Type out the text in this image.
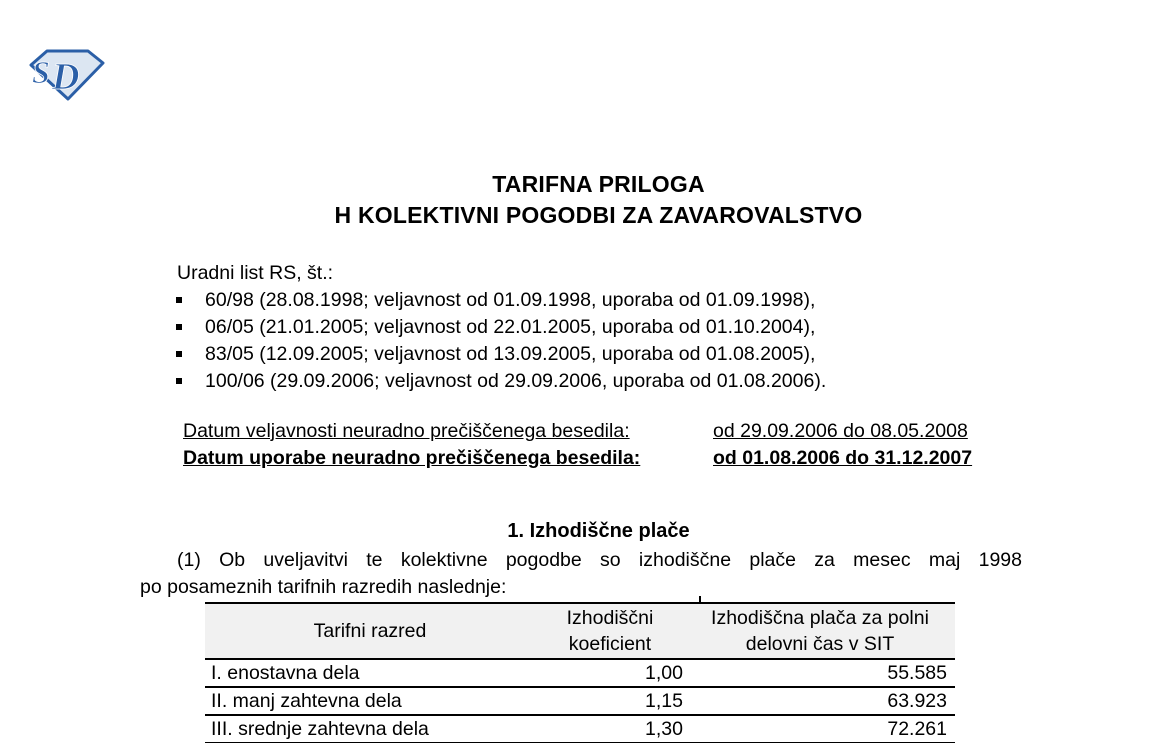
S D
TARIFNA PRILOGA
H KOLEKTIVNI POGODBI ZA ZAVAROVALSTVO
Uradni list RS, št.:
60/98 (28.08.1998; veljavnost od 01.09.1998, uporaba od 01.09.1998),
06/05 (21.01.2005; veljavnost od 22.01.2005, uporaba od 01.10.2004),
83/05 (12.09.2005; veljavnost od 13.09.2005, uporaba od 01.08.2005),
100/06 (29.09.2006; veljavnost od 29.09.2006, uporaba od 01.08.2006).
Datum veljavnosti neuradno prečiščenega besedila:	od 29.09.2006 do 08.05.2008
Datum uporabe neuradno prečiščenega besedila:	od 01.08.2006 do 31.12.2007
1. Izhodiščne plače
(1) Ob uveljavitvi te kolektivne pogodbe so izhodiščne plače za mesec maj 1998
po posameznih tarifnih razredih naslednje:
Tarifni razred	Izhodiščni koeficient	Izhodiščna plača za polni delovni čas v SIT
I. enostavna dela	1,00	55.585
II. manj zahtevna dela	1,15	63.923
III. srednje zahtevna dela	1,30	72.261
